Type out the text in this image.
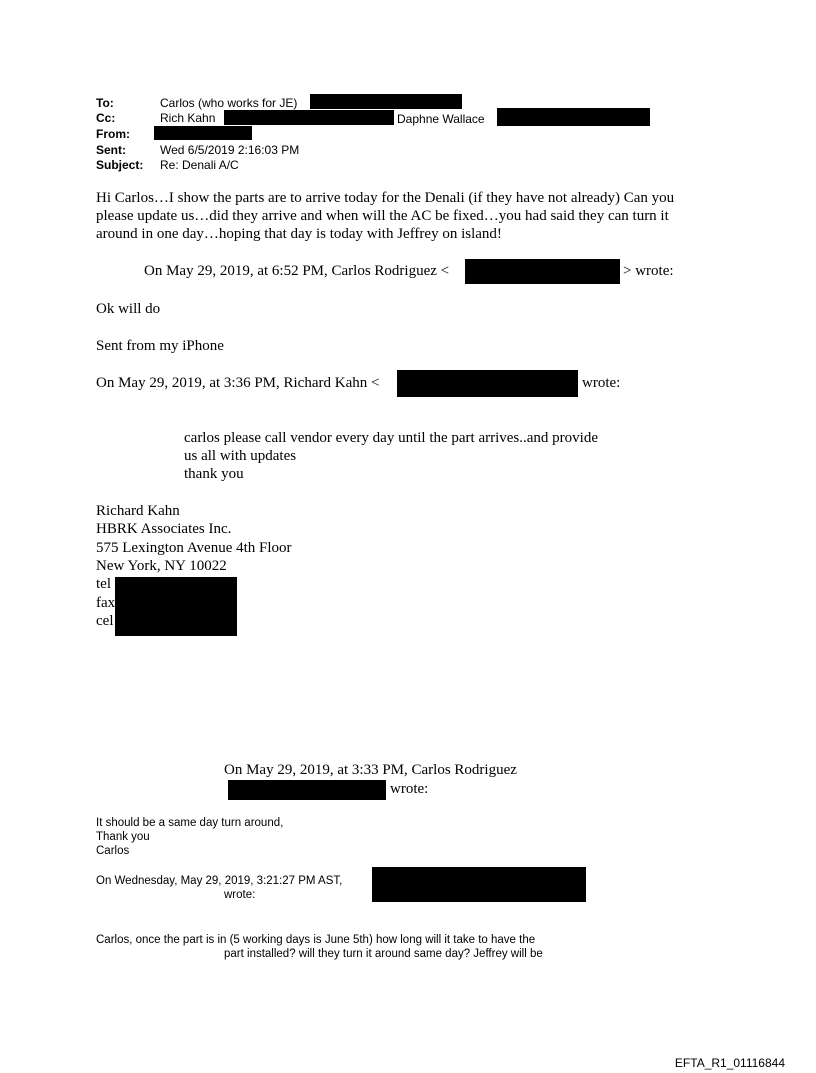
To:	Carlos (who works for JE)
Cc:	Rich Kahn	Daphne Wallace
From:
Sent:	Wed 6/5/2019 2:16:03 PM
Subject: Re: Denali A/C
Hi Carlos…I show the parts are to arrive today for the Denali (if they have not already) Can you
please update us…did they arrive and when will the AC be fixed…you had said they can turn it
around in one day…hoping that day is today with Jeffrey on island!
On May 29, 2019, at 6:52 PM, Carlos Rodriguez <	> wrote:
Ok will do
Sent from my iPhone
On May 29, 2019, at 3:36 PM, Richard Kahn <	wrote:
carlos please call vendor every day until the part arrives..and provide
us all with updates
thank you
Richard Kahn
HBRK Associates Inc.
575 Lexington Avenue 4th Floor
New York, NY 10022
tel
fax
cel
On May 29, 2019, at 3:33 PM, Carlos Rodriguez
wrote:
It should be a same day turn around,
Thank you
Carlos
On Wednesday, May 29, 2019, 3:21:27 PM AST,
wrote:
Carlos, once the part is in (5 working days is June 5th) how long will it take to have the
part installed? will they turn it around same day? Jeffrey will be
EFTA_R1_01116844
